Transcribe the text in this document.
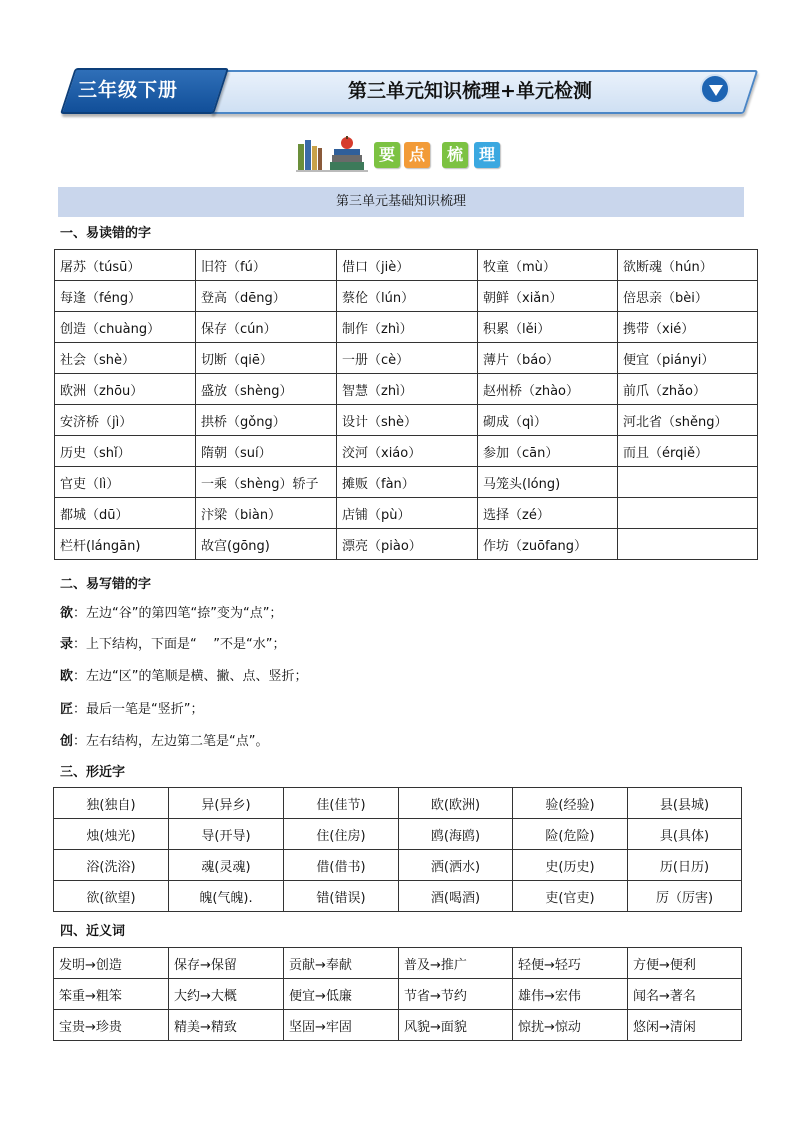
三年级下册	第三单元知识梳理+单元检测
要 点	梳 理
第三单元基础知识梳理
一、易读错的字
屠苏（túsū）	旧符（fú）	借口（jiè）	牧童（mù）	欲断魂（hún）
每逢（féng）	登高（dēng）	蔡伦（lún）	朝鲜（xiǎn）	倍思亲（bèi）
创造（chuàng）	保存（cún）	制作（zhì）	积累（lěi）	携带（xié）
社会（shè）	切断（qiē）	一册（cè）	薄片（báo）	便宜（piányi）
欧洲（zhōu）	盛放（shèng）	智慧（zhì）	赵州桥（zhào）	前爪（zhǎo）
安济桥（jì）	拱桥（gǒng）	设计（shè）	砌成（qì）	河北省（shěng）
历史（shǐ）	隋朝（suí）	洨河（xiáo）	参加（cān）	而且（érqiě）
官吏（lì）	一乘（shèng）轿子	摊贩（fàn）	马笼头(lóng)	
都城（dū）	汴梁（biàn）	店铺（pù）	选择（zé）	
栏杆(lángān)	故宫(gōng)	漂亮（piào）	作坊（zuōfang）	
二、易写错的字
欲：左边“谷”的第四笔“捺”变为“点”；
录：上下结构，下面是“    ”不是“水”；
欧：左边“区”的笔顺是横、撇、点、竖折；
匠：最后一笔是“竖折”；
创：左右结构，左边第二笔是“点”。
三、形近字
独(独自)	异(异乡)	佳(佳节)	欧(欧洲)	验(经验)	县(县城)
烛(烛光)	导(开导)	住(住房)	鸥(海鸥)	险(危险)	具(具体)
浴(洗浴)	魂(灵魂)	借(借书)	洒(洒水)	史(历史)	历(日历)
欲(欲望)	魄(气魄).	错(错误)	酒(喝酒)	吏(官吏)	厉（厉害)
四、近义词
发明→创造	保存→保留	贡献→奉献	普及→推广	轻便→轻巧	方便→便利
笨重→粗笨	大约→大概	便宜→低廉	节省→节约	雄伟→宏伟	闻名→著名
宝贵→珍贵	精美→精致	坚固→牢固	风貌→面貌	惊扰→惊动	悠闲→清闲
